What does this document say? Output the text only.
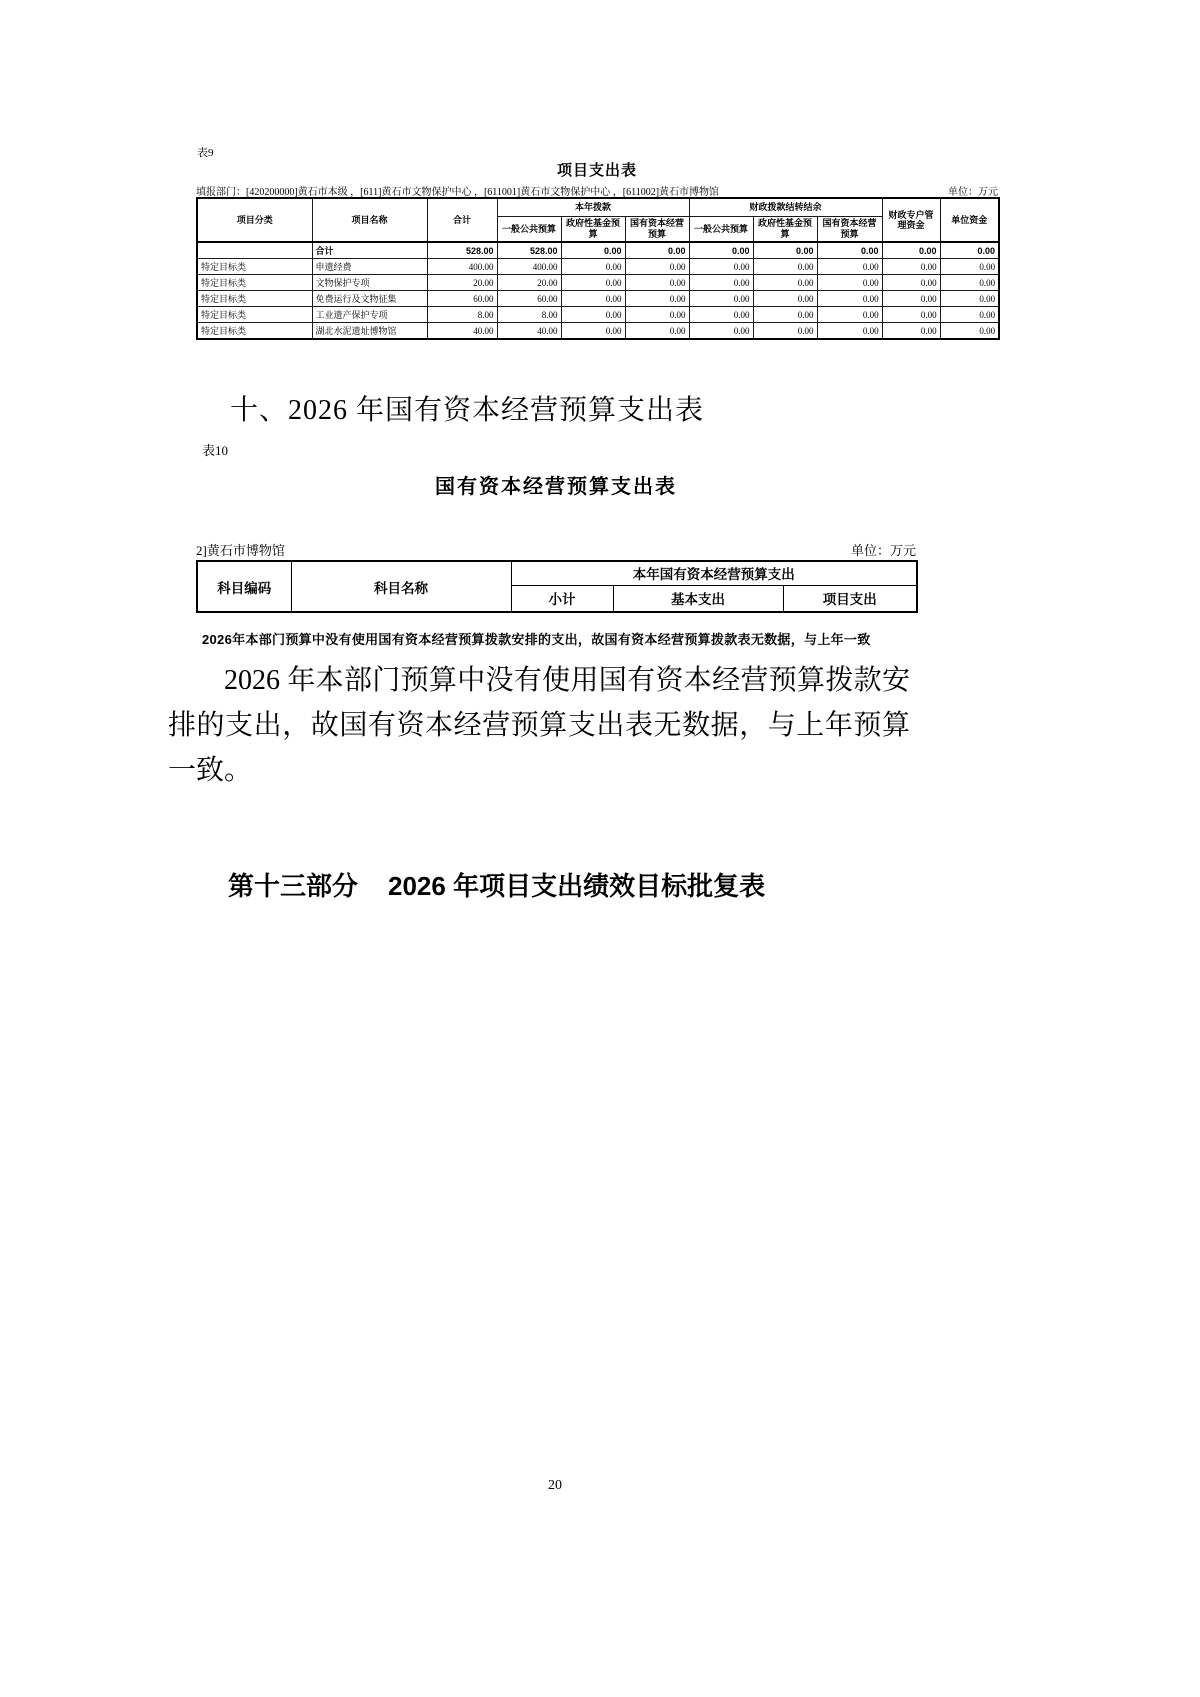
表9
项目支出表
填报部门：[420200000]黄石市本级 ，[611]黄石市文物保护中心 ，[611001]黄石市文物保护中心 ，[611002]黄石市博物馆	单位：万元
项目分类	项目名称	合计	本年拨款			财政拨款结转结余			财政专户管理资金	单位资金
			一般公共预算	政府性基金预算	国有资本经营预算	一般公共预算	政府性基金预算	国有资本经营预算		
	合计	528.00	528.00	0.00	0.00	0.00	0.00	0.00	0.00	0.00
特定目标类	申遗经费	400.00	400.00	0.00	0.00	0.00	0.00	0.00	0.00	0.00
特定目标类	文物保护专项	20.00	20.00	0.00	0.00	0.00	0.00	0.00	0.00	0.00
特定目标类	免费运行及文物征集	60.00	60.00	0.00	0.00	0.00	0.00	0.00	0.00	0.00
特定目标类	工业遗产保护专项	8.00	8.00	0.00	0.00	0.00	0.00	0.00	0.00	0.00
特定目标类	湖北水泥遗址博物馆	40.00	40.00	0.00	0.00	0.00	0.00	0.00	0.00	0.00
十、2026 年国有资本经营预算支出表
表10
国有资本经营预算支出表
2]黄石市博物馆	单位：万元
科目编码	科目名称	本年国有资本经营预算支出		
		小计	基本支出	项目支出
2026年本部门预算中没有使用国有资本经营预算拨款安排的支出，故国有资本经营预算拨款表无数据，与上年一致

2026 年本部门预算中没有使用国有资本经营预算拨款安排的支出，故国有资本经营预算支出表无数据，与上年预算一致。

第十三部分 2026 年项目支出绩效目标批复表
20
